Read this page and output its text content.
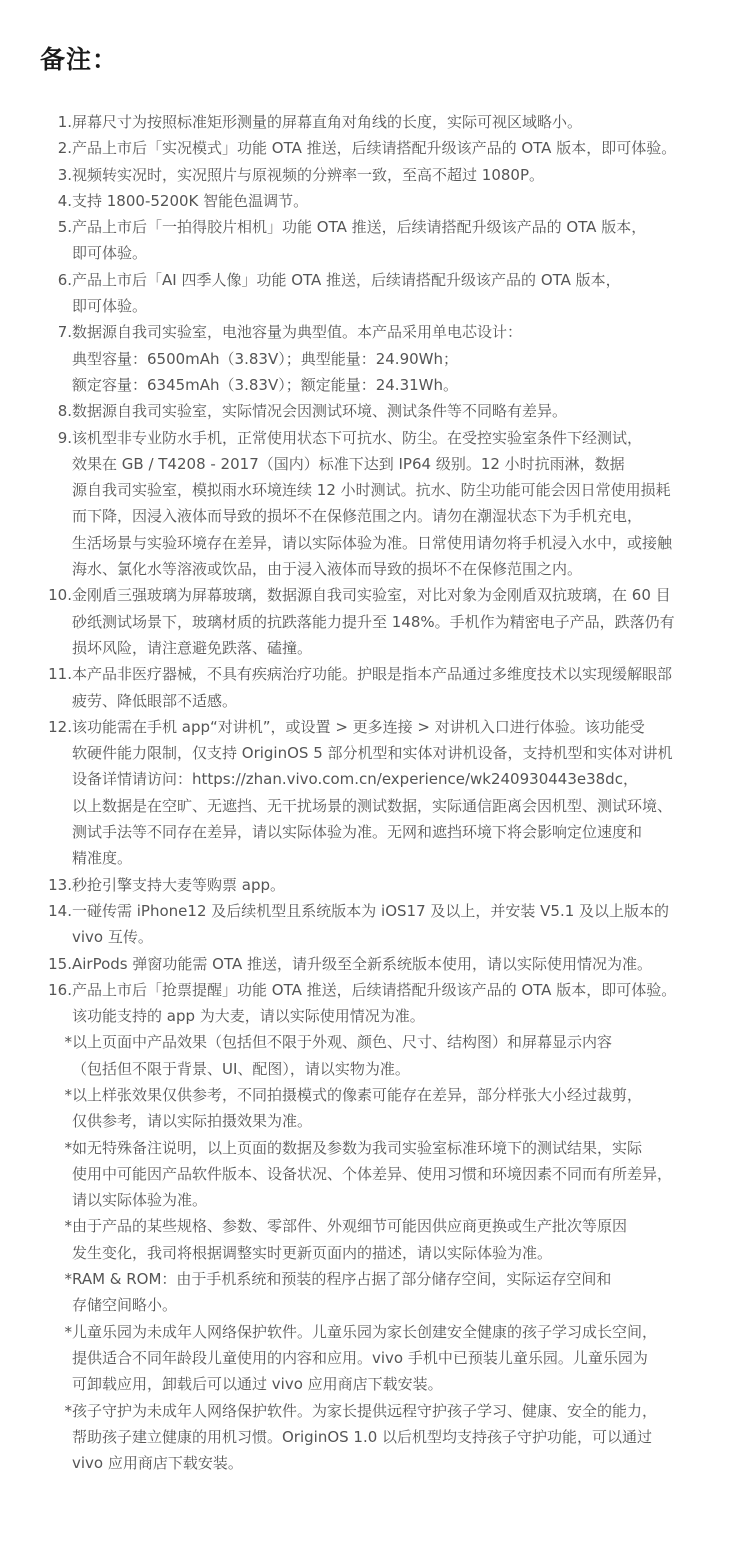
备注：
1. 屏幕尺寸为按照标准矩形测量的屏幕直角对角线的长度，实际可视区域略小。
2. 产品上市后「实况模式」功能 OTA 推送，后续请搭配升级该产品的 OTA 版本，即可体验。
3. 视频转实况时，实况照片与原视频的分辨率一致，至高不超过 1080P。
4. 支持 1800-5200K 智能色温调节。
5. 产品上市后「一拍得胶片相机」功能 OTA 推送，后续请搭配升级该产品的 OTA 版本，
即可体验。
6. 产品上市后「AI 四季人像」功能 OTA 推送，后续请搭配升级该产品的 OTA 版本，
即可体验。
7. 数据源自我司实验室，电池容量为典型值。本产品采用单电芯设计：
典型容量：6500mAh（3.83V）；典型能量：24.90Wh；
额定容量：6345mAh（3.83V）；额定能量：24.31Wh。
8. 数据源自我司实验室，实际情况会因测试环境、测试条件等不同略有差异。
9. 该机型非专业防水手机，正常使用状态下可抗水、防尘。在受控实验室条件下经测试，
效果在 GB / T4208 - 2017（国内）标准下达到 IP64 级别。12 小时抗雨淋，数据
源自我司实验室，模拟雨水环境连续 12 小时测试。抗水、防尘功能可能会因日常使用损耗
而下降，因浸入液体而导致的损坏不在保修范围之内。请勿在潮湿状态下为手机充电，
生活场景与实验环境存在差异，请以实际体验为准。日常使用请勿将手机浸入水中，或接触
海水、氯化水等溶液或饮品，由于浸入液体而导致的损坏不在保修范围之内。
10. 金刚盾三强玻璃为屏幕玻璃，数据源自我司实验室，对比对象为金刚盾双抗玻璃，在 60 目
砂纸测试场景下，玻璃材质的抗跌落能力提升至 148%。手机作为精密电子产品，跌落仍有
损坏风险，请注意避免跌落、磕撞。
11. 本产品非医疗器械，不具有疾病治疗功能。护眼是指本产品通过多维度技术以实现缓解眼部
疲劳、降低眼部不适感。
12. 该功能需在手机 app“对讲机”，或设置 > 更多连接 > 对讲机入口进行体验。该功能受
软硬件能力限制，仅支持 OriginOS 5 部分机型和实体对讲机设备，支持机型和实体对讲机
设备详情请访问：https://zhan.vivo.com.cn/experience/wk240930443e38dc，
以上数据是在空旷、无遮挡、无干扰场景的测试数据，实际通信距离会因机型、测试环境、
测试手法等不同存在差异，请以实际体验为准。无网和遮挡环境下将会影响定位速度和
精准度。
13. 秒抢引擎支持大麦等购票 app。
14. 一碰传需 iPhone12 及后续机型且系统版本为 iOS17 及以上，并安装 V5.1 及以上版本的
vivo 互传。
15. AirPods 弹窗功能需 OTA 推送，请升级至全新系统版本使用，请以实际使用情况为准。
16. 产品上市后「抢票提醒」功能 OTA 推送，后续请搭配升级该产品的 OTA 版本，即可体验。
该功能支持的 app 为大麦，请以实际使用情况为准。
* 以上页面中产品效果（包括但不限于外观、颜色、尺寸、结构图）和屏幕显示内容
（包括但不限于背景、UI、配图），请以实物为准。
* 以上样张效果仅供参考，不同拍摄模式的像素可能存在差异，部分样张大小经过裁剪，
仅供参考，请以实际拍摄效果为准。
* 如无特殊备注说明，以上页面的数据及参数为我司实验室标准环境下的测试结果，实际
使用中可能因产品软件版本、设备状况、个体差异、使用习惯和环境因素不同而有所差异，
请以实际体验为准。
* 由于产品的某些规格、参数、零部件、外观细节可能因供应商更换或生产批次等原因
发生变化，我司将根据调整实时更新页面内的描述，请以实际体验为准。
* RAM & ROM：由于手机系统和预装的程序占据了部分储存空间，实际运存空间和
存储空间略小。
* 儿童乐园为未成年人网络保护软件。儿童乐园为家长创建安全健康的孩子学习成长空间，
提供适合不同年龄段儿童使用的内容和应用。vivo 手机中已预装儿童乐园。儿童乐园为
可卸载应用，卸载后可以通过 vivo 应用商店下载安装。
* 孩子守护为未成年人网络保护软件。为家长提供远程守护孩子学习、健康、安全的能力，
帮助孩子建立健康的用机习惯。OriginOS 1.0 以后机型均支持孩子守护功能，可以通过
vivo 应用商店下载安装。
